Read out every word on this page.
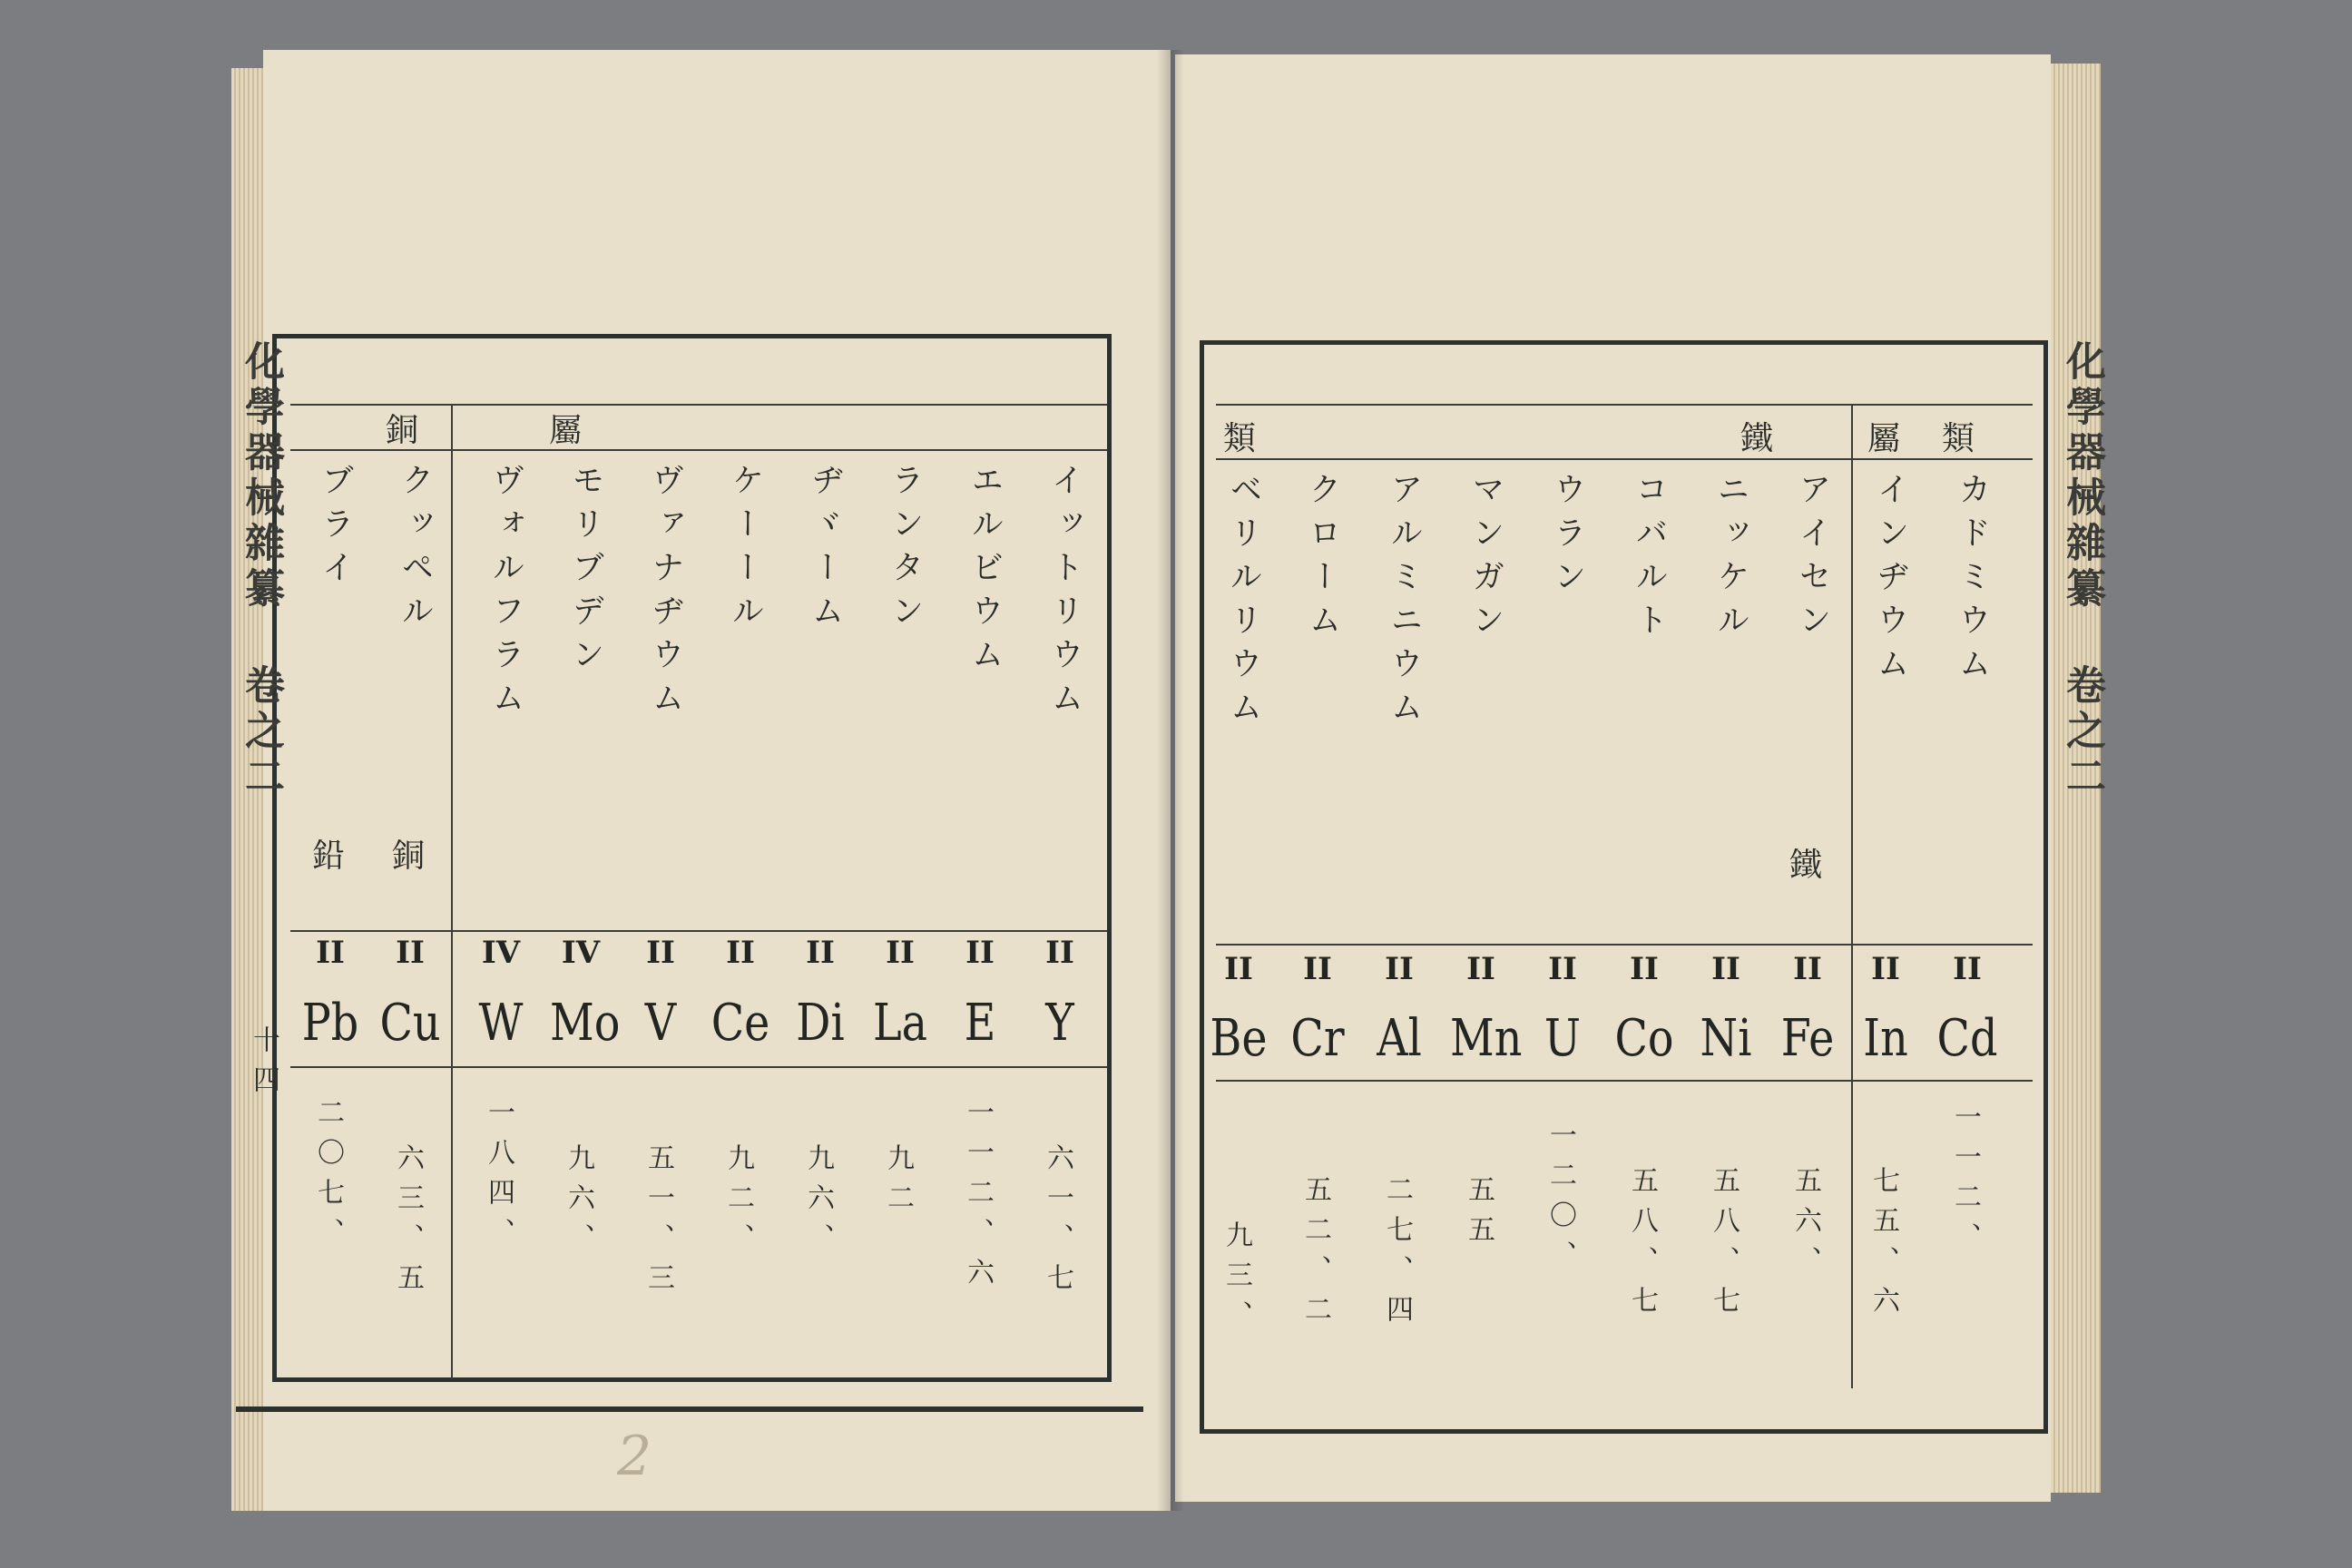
銅	屬
イットリウム
エルビウム
ランタン
ヂヾーム
ケーール
ヴァナヂウム
モリブデン
ヴォルフラム
クッペル
ブライ
銅
鉛
II
II
II
II
II
II
IV
IV
II
II
Y
E
La
Di
Ce
V
Mo
W
Cu
Pb
六一、七
一一二、六
九二
九六、
九二、
五一、三
九六、
一八四、
六三、五
二〇七、
化學器械雜纂 卷之二
十四
2
類
屬
鐵
類
カドミウム
インヂウム
アイセン
ニッケル
コバルト
ウラン
マンガン
アルミニウム
クローム
ベリルリウム
鐵
II
II
II
II
II
II
II
II
II
II
Cd
In
Fe
Ni
Co
U
Mn
Al
Cr
Be
一一二、
七五、六
五六、
五八、七
五八、七
一二〇、
五五
二七、四
五二、二
九三、
化學器械雜纂 卷之二
